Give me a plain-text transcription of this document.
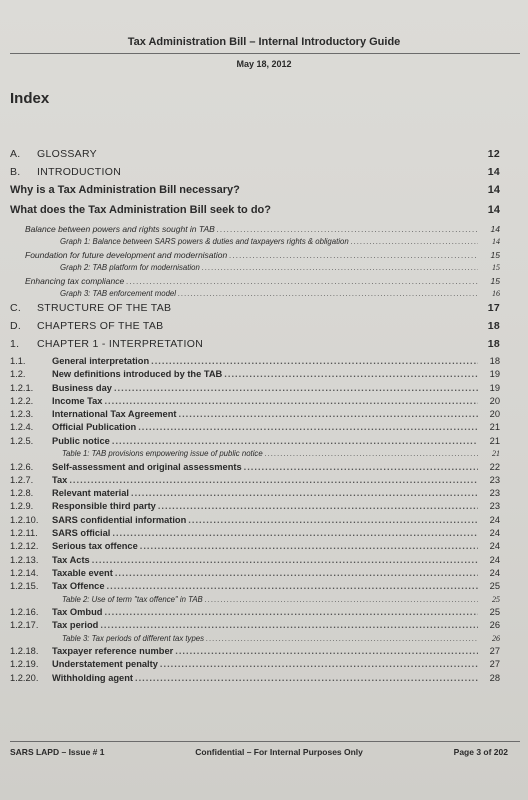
Tax Administration Bill – Internal Introductory Guide
May 18, 2012
Index
A.	GLOSSARY	12
B.	INTRODUCTION	14
Why is a Tax Administration Bill necessary?	14
What does the Tax Administration Bill seek to do?	14
Balance between powers and rights sought in TAB .....	14
Graph 1: Balance between SARS powers & duties and taxpayers rights & obligation .....	14
Foundation for future development and modernisation .....	15
Graph 2: TAB platform for modernisation .....	15
Enhancing tax compliance .....	15
Graph 3: TAB enforcement model .....	16
C.	STRUCTURE OF THE TAB	17
D.	CHAPTERS OF THE TAB	18
1.	CHAPTER 1 - INTERPRETATION	18
1.1.	General interpretation .....	18
1.2.	New definitions introduced by the TAB .....	19
1.2.1.	Business day .....	19
1.2.2.	Income Tax .....	20
1.2.3.	International Tax Agreement .....	20
1.2.4.	Official Publication .....	21
1.2.5.	Public notice .....	21
Table 1: TAB provisions empowering issue of public notice .....	21
1.2.6.	Self-assessment and original assessments .....	22
1.2.7.	Tax .....	23
1.2.8.	Relevant material .....	23
1.2.9.	Responsible third party .....	23
1.2.10.	SARS confidential information .....	24
1.2.11.	SARS official .....	24
1.2.12.	Serious tax offence .....	24
1.2.13.	Tax Acts .....	24
1.2.14.	Taxable event .....	24
1.2.15.	Tax Offence .....	25
Table 2: Use of term "tax offence" in TAB .....	25
1.2.16.	Tax Ombud .....	25
1.2.17.	Tax period .....	26
Table 3: Tax periods of different tax types .....	26
1.2.18.	Taxpayer reference number .....	27
1.2.19.	Understatement penalty .....	27
1.2.20.	Withholding agent .....	28
SARS LAPD – Issue # 1	Confidential – For Internal Purposes Only	Page 3 of 202
